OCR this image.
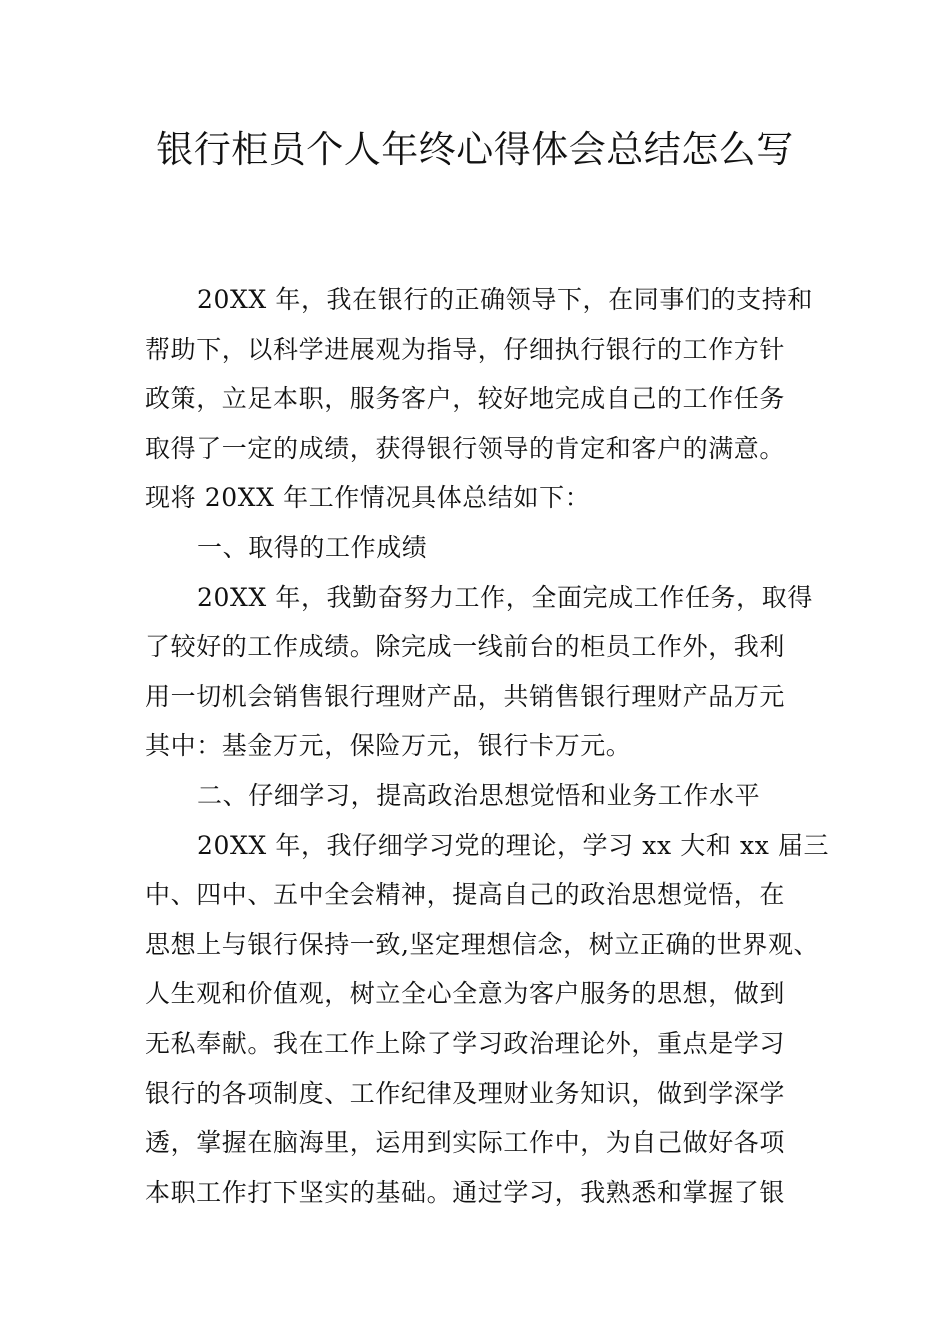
银行柜员个人年终心得体会总结怎么写
20XX 年，我在银行的正确领导下，在同事们的支持和
帮助下，以科学进展观为指导，仔细执行银行的工作方针
政策，立足本职，服务客户，较好地完成自己的工作任务
取得了一定的成绩，获得银行领导的肯定和客户的满意。
现将 20XX 年工作情况具体总结如下：
一、取得的工作成绩
20XX 年，我勤奋努力工作，全面完成工作任务，取得
了较好的工作成绩。除完成一线前台的柜员工作外，我利
用一切机会销售银行理财产品，共销售银行理财产品万元
其中：基金万元，保险万元，银行卡万元。
二、仔细学习，提高政治思想觉悟和业务工作水平
20XX 年，我仔细学习党的理论，学习 xx 大和 xx 届三
中、四中、五中全会精神，提高自己的政治思想觉悟，在
思想上与银行保持一致,坚定理想信念，树立正确的世界观、
人生观和价值观，树立全心全意为客户服务的思想，做到
无私奉献。我在工作上除了学习政治理论外，重点是学习
银行的各项制度、工作纪律及理财业务知识，做到学深学
透，掌握在脑海里，运用到实际工作中，为自己做好各项
本职工作打下坚实的基础。通过学习，我熟悉和掌握了银
